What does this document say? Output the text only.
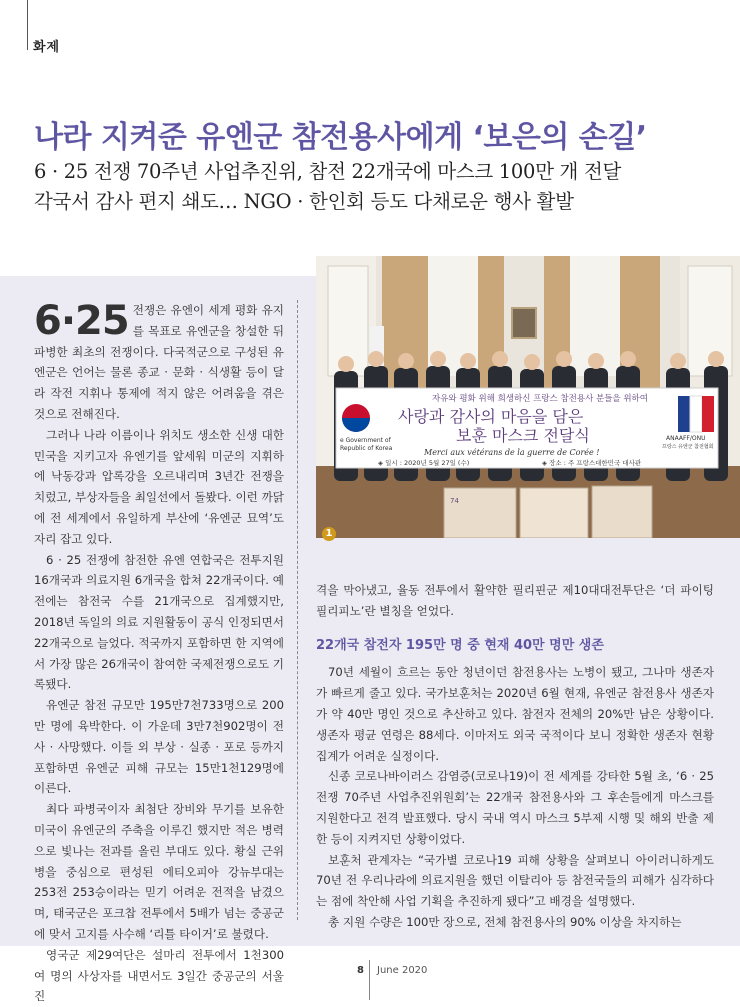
화제
나라 지켜준 유엔군 참전용사에게 ‘보은의 손길’
6 · 25 전쟁 70주년 사업추진위, 참전 22개국에 마스크 100만 개 전달
각국서 감사 편지 쇄도… NGO · 한인회 등도 다채로운 행사 활발

6·25 전쟁은 유엔이 세계 평화 유지를 목표로 유엔군을 창설한 뒤 파병한 최초의 전쟁이다. 다국적군으로 구성된 유엔군은 언어는 물론 종교 · 문화 · 식생활 등이 달라 작전 지휘나 통제에 적지 않은 어려움을 겪은 것으로 전해진다.

그러나 나라 이름이나 위치도 생소한 신생 대한민국을 지키고자 유엔기를 앞세워 미군의 지휘하에 낙동강과 압록강을 오르내리며 3년간 전쟁을 치렀고, 부상자들을 최일선에서 돌봤다. 이런 까닭에 전 세계에서 유일하게 부산에 ‘유엔군 묘역’도 자리 잡고 있다.

6 · 25 전쟁에 참전한 유엔 연합국은 전투지원 16개국과 의료지원 6개국을 합쳐 22개국이다. 예전에는 참전국 수를 21개국으로 집계했지만, 2018년 독일의 의료 지원활동이 공식 인정되면서 22개국으로 늘었다. 적국까지 포함하면 한 지역에서 가장 많은 26개국이 참여한 국제전쟁으로도 기록됐다.

유엔군 참전 규모만 195만7천733명으로 200만 명에 육박한다. 이 가운데 3만7천902명이 전사 · 사망했다. 이들 외 부상 · 실종 · 포로 등까지 포함하면 유엔군 피해 규모는 15만1천129명에 이른다.

최다 파병국이자 최첨단 장비와 무기를 보유한 미국이 유엔군의 주축을 이루긴 했지만 적은 병력으로 빛나는 전과를 올린 부대도 있다. 황실 근위병을 중심으로 편성된 에티오피아 강뉴부대는 253전 253승이라는 믿기 어려운 전적을 남겼으며, 태국군은 포크찹 전투에서 5배가 넘는 중공군에 맞서 고지를 사수해 ‘리틀 타이거’로 불렸다.

영국군 제29여단은 설마리 전투에서 1천300여 명의 사상자를 내면서도 3일간 중공군의 서울 진

자유와 평화 위해 희생하신 프랑스 참전용사 분들을 위하여
사랑과 감사의 마음을 담은
보훈 마스크 전달식
Merci aux vétérans de la guerre de Corée !
◈ 일시 : 2020년 5월 27일 (수)	◈ 장소 : 주 프랑스대한민국 대사관
e Government of
Republic of Korea
ANAAFF/ONU
프랑스 유엔군 참전협회
74
1

격을 막아냈고, 율동 전투에서 활약한 필리핀군 제10대대전투단은 ‘더 파이팅 필리피노’란 별칭을 얻었다.

22개국 참전자 195만 명 중 현재 40만 명만 생존

70년 세월이 흐르는 동안 청년이던 참전용사는 노병이 됐고, 그나마 생존자가 빠르게 줄고 있다. 국가보훈처는 2020년 6월 현재, 유엔군 참전용사 생존자가 약 40만 명인 것으로 추산하고 있다. 참전자 전체의 20%만 남은 상황이다. 생존자 평균 연령은 88세다. 이마저도 외국 국적이다 보니 정확한 생존자 현황 집계가 어려운 실정이다.

신종 코로나바이러스 감염증(코로나19)이 전 세계를 강타한 5월 초, ‘6 · 25 전쟁 70주년 사업추진위원회’는 22개국 참전용사와 그 후손들에게 마스크를 지원한다고 전격 발표했다. 당시 국내 역시 마스크 5부제 시행 및 해외 반출 제한 등이 지켜지던 상황이었다.

보훈처 관계자는 “국가별 코로나19 피해 상황을 살펴보니 아이러니하게도 70년 전 우리나라에 의료지원을 했던 이탈리아 등 참전국들의 피해가 심각하다는 점에 착안해 사업 기획을 추진하게 됐다”고 배경을 설명했다.

총 지원 수량은 100만 장으로, 전체 참전용사의 90% 이상을 차지하는

8 June 2020
